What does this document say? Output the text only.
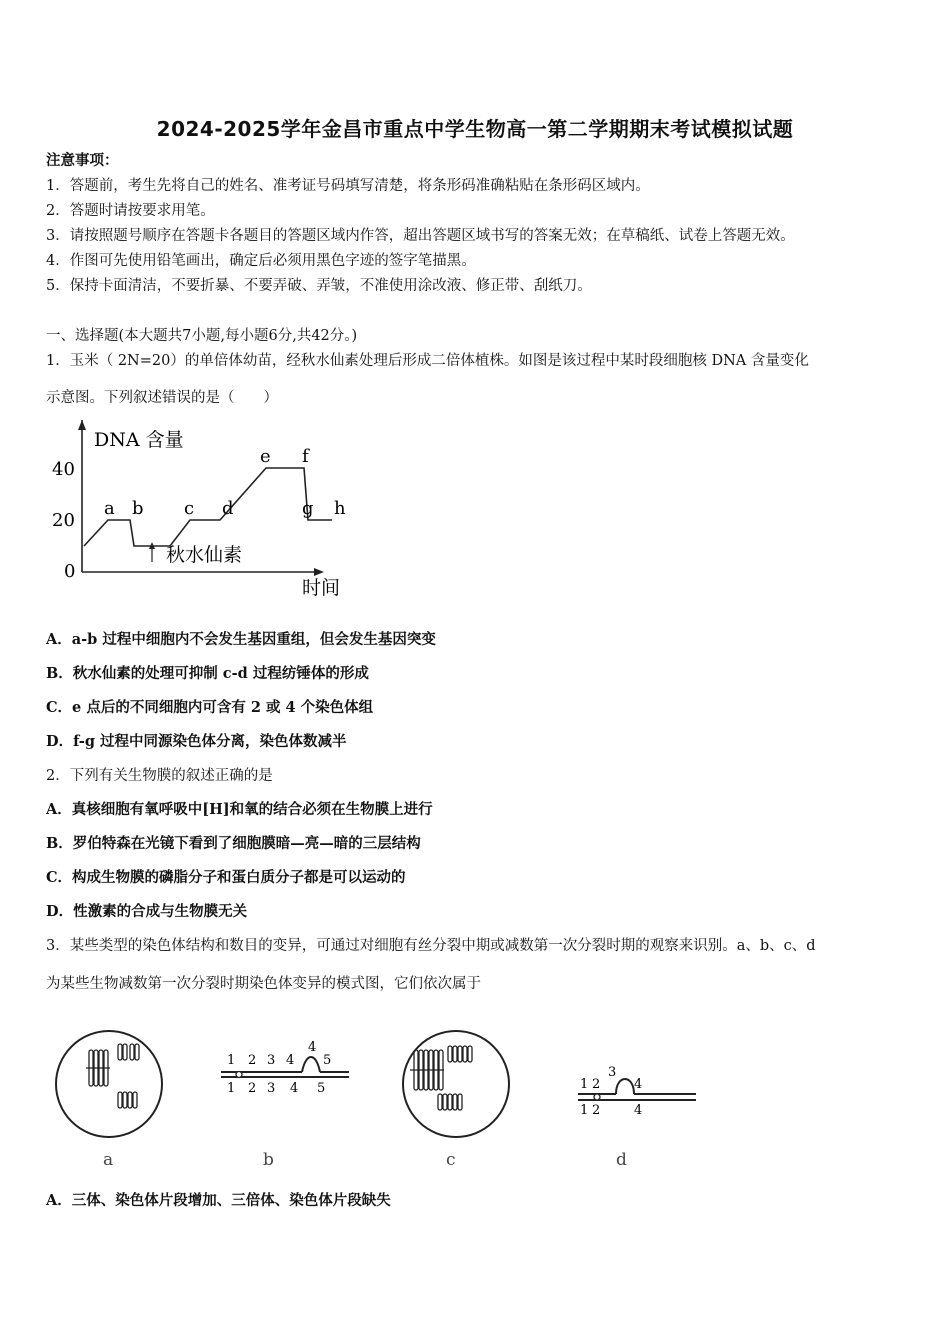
2024-2025学年金昌市重点中学生物高一第二学期期末考试模拟试题
注意事项：
1．答题前，考生先将自己的姓名、准考证号码填写清楚，将条形码准确粘贴在条形码区域内。
2．答题时请按要求用笔。
3．请按照题号顺序在答题卡各题目的答题区域内作答，超出答题区域书写的答案无效；在草稿纸、试卷上答题无效。
4．作图可先使用铅笔画出，确定后必须用黑色字迹的签字笔描黑。
5．保持卡面清洁，不要折暴、不要弄破、弄皱，不准使用涂改液、修正带、刮纸刀。
一、选择题(本大题共7小题,每小题6分,共42分。)
1．玉米（ 2N=20）的单倍体幼苗，经秋水仙素处理后形成二倍体植株。如图是该过程中某时段细胞核 DNA 含量变化
示意图。下列叙述错误的是（　　）
DNA 含量
时间
40
20
0
a b c d
e f
g h
秋水仙素
A．a-b 过程中细胞内不会发生基因重组，但会发生基因突变
B．秋水仙素的处理可抑制 c-d 过程纺锤体的形成
C．e 点后的不同细胞内可含有 2 或 4 个染色体组
D．f-g 过程中同源染色体分离，染色体数减半
2．下列有关生物膜的叙述正确的是
A．真核细胞有氧呼吸中[H]和氧的结合必须在生物膜上进行
B．罗伯特森在光镜下看到了细胞膜暗—亮—暗的三层结构
C．构成生物膜的磷脂分子和蛋白质分子都是可以运动的
D．性激素的合成与生物膜无关
3．某些类型的染色体结构和数目的变异，可通过对细胞有丝分裂中期或减数第一次分裂时期的观察来识别。a、b、c、d
为某些生物减数第一次分裂时期染色体变异的模式图，它们依次属于
a
1 2 3 4
4
5
1 2 3 4 5
b	c
1 2
3
4
1 2	4
d
A．三体、染色体片段增加、三倍体、染色体片段缺失
